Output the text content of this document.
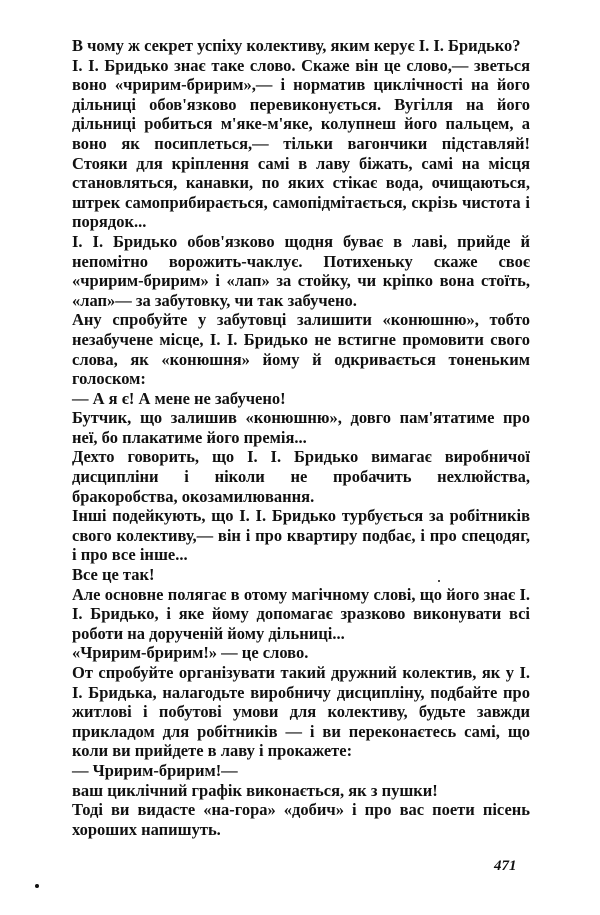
В чому ж секрет успіху колективу, яким керує І. І. Бридько?

І. І. Бридько знає таке слово. Скаже він це слово,— зветься воно «чририм-бририм»,— і норматив циклічності на його дільниці обов'язково перевиконується. Вугілля на його дільниці робиться м'яке-м'яке, колупнеш його пальцем, а воно як посиплеться,— тільки вагончики підставляй! Стояки для кріплення самі в лаву біжать, самі на місця становляться, канавки, по яких стікає вода, очищаються, штрек самоприбирається, самопідмітається, скрізь чистота і порядок...

І. І. Бридько обов'язково щодня буває в лаві, прийде й непомітно ворожить-чаклує. Потихеньку скаже своє «чририм-бририм» і «лап» за стойку, чи кріпко вона стоїть, «лап»— за забутовку, чи так забучено.

Ану спробуйте у забутовці залишити «конюшню», тобто незабучене місце, І. І. Бридько не встигне промовити свого слова, як «конюшня» йому й одкривається тоненьким голоском:

— А я є! А мене не забучено!

Бутчик, що залишив «конюшню», довго пам'ятатиме про неї, бо плакатиме його премія...

Дехто говорить, що І. І. Бридько вимагає виробничої дисципліни і ніколи не пробачить нехлюйства, бракоробства, окозамилювання.

Інші подейкують, що І. І. Бридько турбується за робітників свого колективу,— він і про квартиру подбає, і про спецодяг, і про все інше...

Все це так!

Але основне полягає в отому магічному слові, що його знає І. І. Бридько, і яке йому допомагає зразково виконувати всі роботи на дорученій йому дільниці...

«Чририм-бририм!» — це слово.

От спробуйте організувати такий дружний колектив, як у І. І. Бридька, налагодьте виробничу дисципліну, подбайте про житлові і побутові умови для колективу, будьте завжди прикладом для робітників — і ви переконаєтесь самі, що коли ви прийдете в лаву і прокажете:

— Чририм-бририм!—

ваш циклічний графік виконається, як з пушки!

Тоді ви видасте «на-гора» «добич» і про вас поети пісень хороших напишуть.

471
